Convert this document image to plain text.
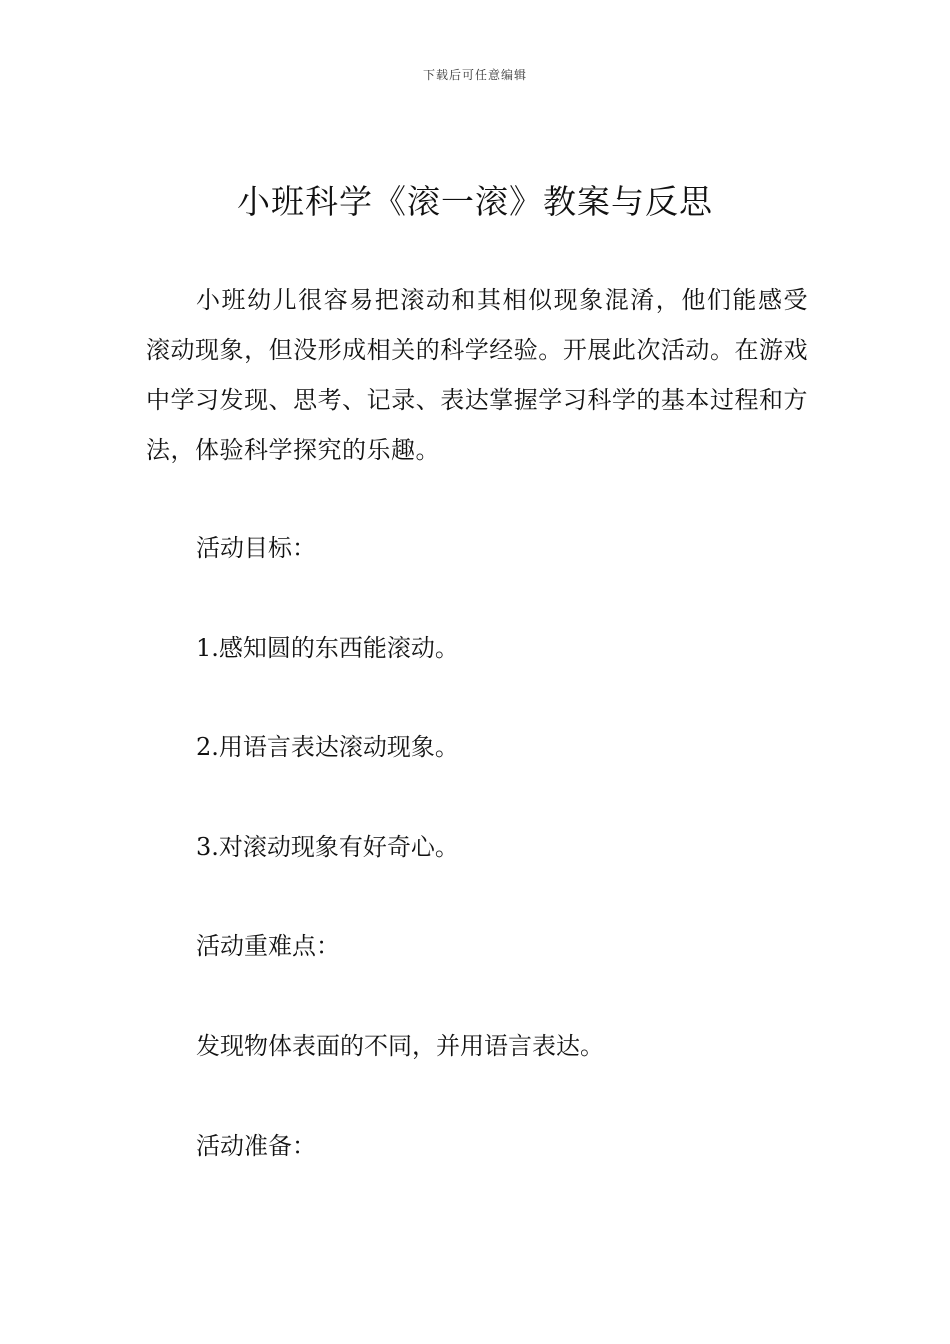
下载后可任意编辑
小班科学《滚一滚》教案与反思

小班幼儿很容易把滚动和其相似现象混淆，他们能感受滚动现象，但没形成相关的科学经验。开展此次活动。在游戏中学习发现、思考、记录、表达掌握学习科学的基本过程和方法，体验科学探究的乐趣。

活动目标：

1.感知圆的东西能滚动。

2.用语言表达滚动现象。

3.对滚动现象有好奇心。

活动重难点：

发现物体表面的不同，并用语言表达。

活动准备：
